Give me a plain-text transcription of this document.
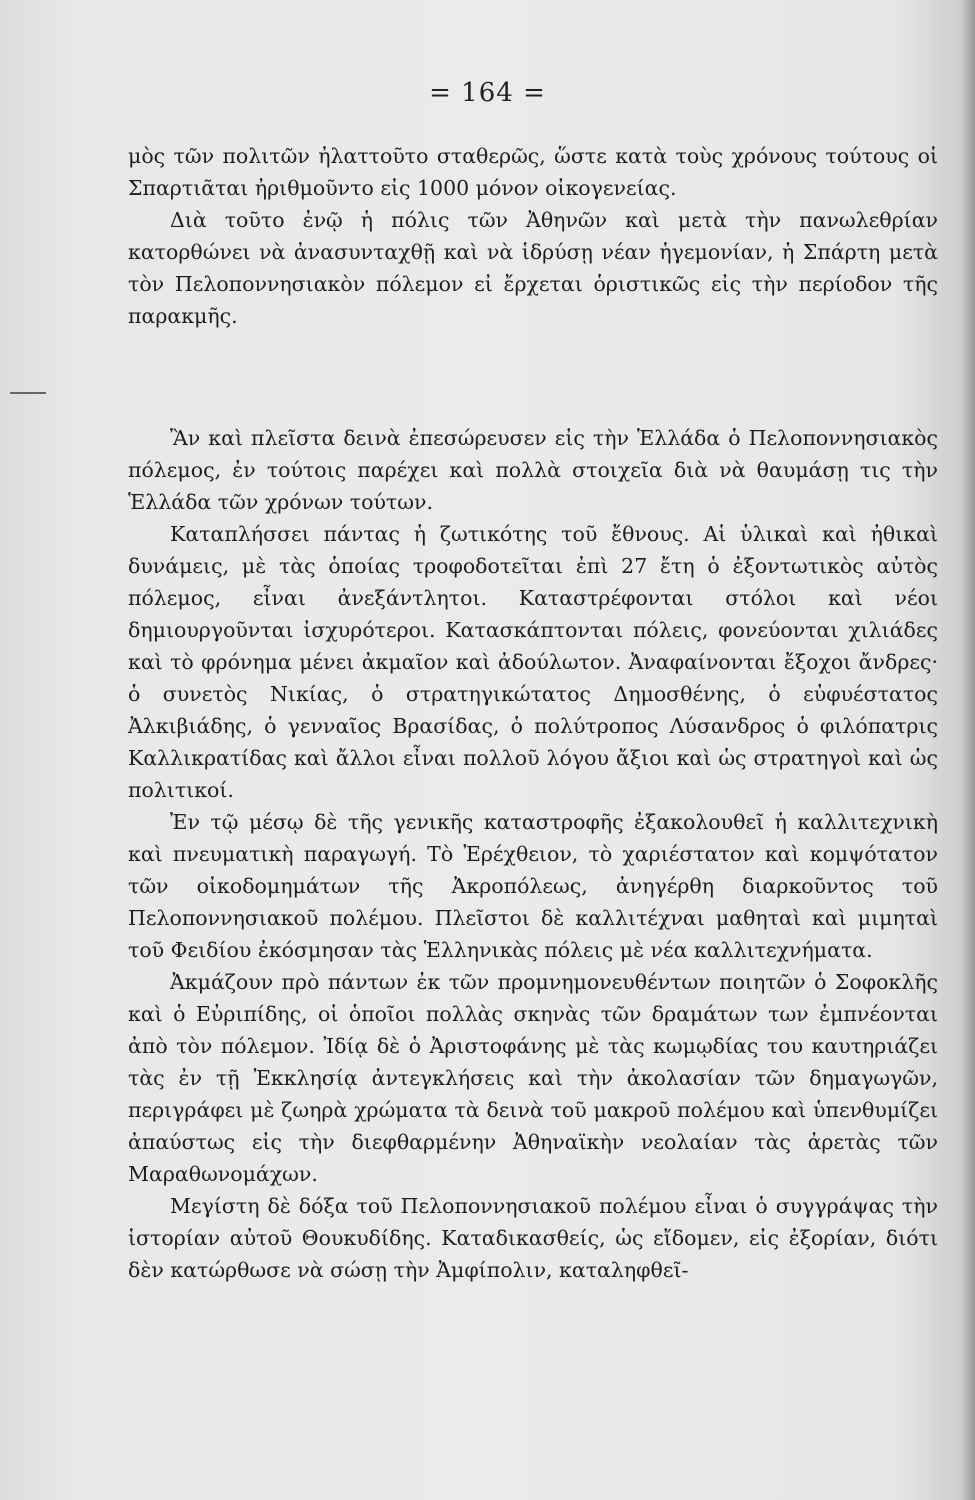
= 164 =

μὸς τῶν πολιτῶν ἠλαττοῦτο σταθερῶς, ὥστε κατὰ τοὺς χρόνους τούτους οἱ Σπαρτιᾶται ἠριθμοῦντο εἰς 1000 μόνον οἰκογενείας.

Διὰ τοῦτο ἐνῷ ἡ πόλις τῶν Ἀθηνῶν καὶ μετὰ τὴν πανωλεθρίαν κατορθώνει νὰ ἀνασυνταχθῇ καὶ νὰ ἱδρύσῃ νέαν ἡγεμονίαν, ἡ Σπάρτη μετὰ τὸν Πελοποννησιακὸν πόλεμον εἰ ἔρχεται ὁριστικῶς εἰς τὴν περίοδον τῆς παρακμῆς.

Ἂν καὶ πλεῖστα δεινὰ ἐπεσώρευσεν εἰς τὴν Ἑλλάδα ὁ Πελοποννησιακὸς πόλεμος, ἐν τούτοις παρέχει καὶ πολλὰ στοιχεῖα διὰ νὰ θαυμάσῃ τις τὴν Ἑλλάδα τῶν χρόνων τούτων.

Καταπλήσσει πάντας ἡ ζωτικότης τοῦ ἔθνους. Αἱ ὑλικαὶ καὶ ἠθικαὶ δυνάμεις, μὲ τὰς ὁποίας τροφοδοτεῖται ἐπὶ 27 ἔτη ὁ ἐξοντωτικὸς αὐτὸς πόλεμος, εἶναι ἀνεξάντλητοι. Καταστρέφονται στόλοι καὶ νέοι δημιουργοῦνται ἰσχυρότεροι. Κατασκάπτονται πόλεις, φονεύονται χιλιάδες καὶ τὸ φρόνημα μένει ἀκμαῖον καὶ ἀδούλωτον. Ἀναφαίνονται ἔξοχοι ἄνδρες· ὁ συνετὸς Νικίας, ὁ στρατηγικώτατος Δημοσθένης, ὁ εὐφυέστατος Ἀλκιβιάδης, ὁ γενναῖος Βρασίδας, ὁ πολύτροπος Λύσανδρος ὁ φιλόπατρις Καλλικρατίδας καὶ ἄλλοι εἶναι πολλοῦ λόγου ἄξιοι καὶ ὡς στρατηγοὶ καὶ ὡς πολιτικοί.

Ἐν τῷ μέσῳ δὲ τῆς γενικῆς καταστροφῆς ἐξακολουθεῖ ἡ καλλιτεχνικὴ καὶ πνευματικὴ παραγωγή. Τὸ Ἐρέχθειον, τὸ χαριέστατον καὶ κομψότατον τῶν οἰκοδομημάτων τῆς Ἀκροπόλεως, ἀνηγέρθη διαρκοῦντος τοῦ Πελοποννησιακοῦ πολέμου. Πλεῖστοι δὲ καλλιτέχναι μαθηταὶ καὶ μιμηταὶ τοῦ Φειδίου ἐκόσμησαν τὰς Ἑλληνικὰς πόλεις μὲ νέα καλλιτεχνήματα.

Ἀκμάζουν πρὸ πάντων ἐκ τῶν προμνημονευθέντων ποιητῶν ὁ Σοφοκλῆς καὶ ὁ Εὐριπίδης, οἱ ὁποῖοι πολλὰς σκηνὰς τῶν δραμάτων των ἐμπνέονται ἀπὸ τὸν πόλεμον. Ἰδίᾳ δὲ ὁ Ἀριστοφάνης μὲ τὰς κωμῳδίας του καυτηριάζει τὰς ἐν τῇ Ἐκκλησίᾳ ἀντεγκλήσεις καὶ τὴν ἀκολασίαν τῶν δημαγωγῶν, περιγράφει μὲ ζωηρὰ χρώματα τὰ δεινὰ τοῦ μακροῦ πολέμου καὶ ὑπενθυμίζει ἀπαύστως εἰς τὴν διεφθαρμένην Ἀθηναϊκὴν νεολαίαν τὰς ἀρετὰς τῶν Μαραθωνομάχων.

Μεγίστη δὲ δόξα τοῦ Πελοποννησιακοῦ πολέμου εἶναι ὁ συγγράψας τὴν ἱστορίαν αὐτοῦ Θουκυδίδης. Καταδικασθείς, ὡς εἴδομεν, εἰς ἐξορίαν, διότι δὲν κατώρθωσε νὰ σώσῃ τὴν Ἀμφίπολιν, καταληφθεῖ-
